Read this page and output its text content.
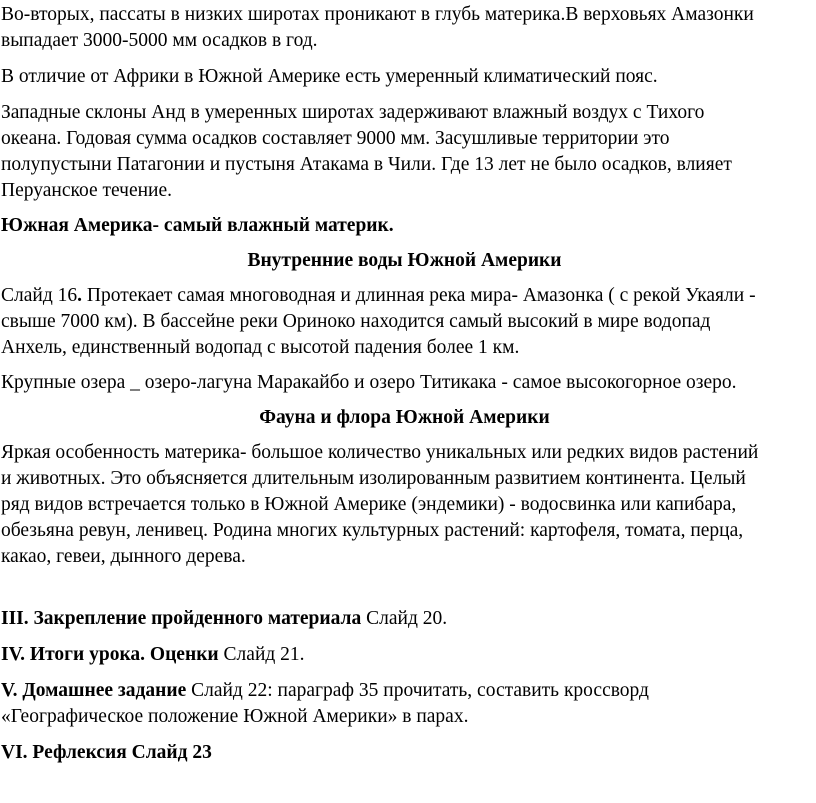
Во-вторых, пассаты в низких широтах проникают в глубь материка.В верховьях Амазонки
выпадает 3000-5000 мм осадков в год.

В отличие от Африки в Южной Америке есть умеренный климатический пояс.

Западные склоны Анд в умеренных широтах задерживают влажный воздух с Тихого
океана. Годовая сумма осадков составляет 9000 мм. Засушливые территории это
полупустыни Патагонии и пустыня Атакама в Чили. Где 13 лет не было осадков, влияет
Перуанское течение.

Южная Америка- самый влажный материк.

Внутренние воды Южной Америки

Слайд 16. Протекает самая многоводная и длинная река мира- Амазонка ( с рекой Укаяли -
свыше 7000 км). В бассейне реки Ориноко находится самый высокий в мире водопад
Анхель, единственный водопад с высотой падения более 1 км.

Крупные озера _ озеро-лагуна Маракайбо и озеро Титикака - самое высокогорное озеро.

Фауна и флора Южной Америки

Яркая особенность материка- большое количество уникальных или редких видов растений
и животных. Это объясняется длительным изолированным развитием континента. Целый
ряд видов встречается только в Южной Америке (эндемики) - водосвинка или капибара,
обезьяна ревун, ленивец. Родина многих культурных растений: картофеля, томата, перца,
какао, гевеи, дынного дерева.

III. Закрепление пройденного материала Слайд 20.

IV. Итоги урока. Оценки Слайд 21.

V. Домашнее задание Слайд 22: параграф 35 прочитать, составить кроссворд
«Географическое положение Южной Америки» в парах.

VI. Рефлексия Слайд 23
